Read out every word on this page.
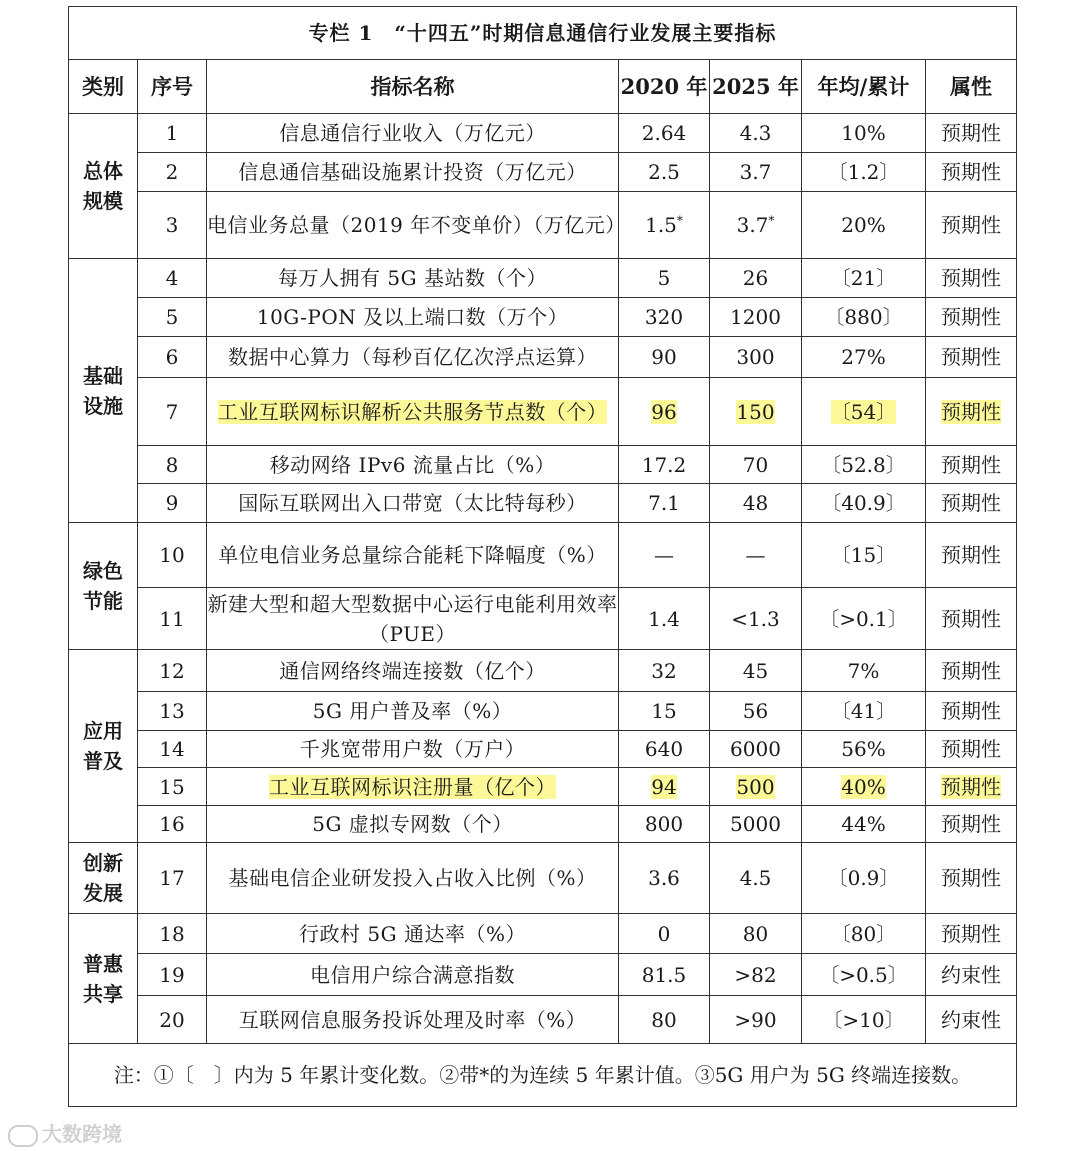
专栏 1　“十四五”时期信息通信行业发展主要指标						
类别	序号	指标名称	2020 年	2025 年	年均/累计	属性

总体
规模	1	信息通信行业收入（万亿元）	2.64	4.3	10%	预期性
	2	信息通信基础设施累计投资（万亿元）	2.5	3.7	〔1.2〕	预期性
	3	电信业务总量（2019 年不变单价）（万亿元）	1.5*	3.7*	20%	预期性

基础
设施	4	每万人拥有 5G 基站数（个）	5	26	〔21〕	预期性
	5	10G-PON 及以上端口数（万个）	320	1200	〔880〕	预期性
	6	数据中心算力（每秒百亿亿次浮点运算）	90	300	27%	预期性
	7	工业互联网标识解析公共服务节点数（个）	96	150	〔54〕	预期性
	8	移动网络 IPv6 流量占比（%）	17.2	70	〔52.8〕	预期性
	9	国际互联网出入口带宽（太比特每秒）	7.1	48	〔40.9〕	预期性

绿色
节能	10	单位电信业务总量综合能耗下降幅度（%）	—	—	〔15〕	预期性
	11	新建大型和超大型数据中心运行电能利用效率（PUE）	1.4	<1.3	〔>0.1〕	预期性

应用
普及	12	通信网络终端连接数（亿个）	32	45	7%	预期性
	13	5G 用户普及率（%）	15	56	〔41〕	预期性
	14	千兆宽带用户数（万户）	640	6000	56%	预期性
	15	工业互联网标识注册量（亿个）	94	500	40%	预期性
	16	5G 虚拟专网数（个）	800	5000	44%	预期性

创新
发展	17	基础电信企业研发投入占收入比例（%）	3.6	4.5	〔0.9〕	预期性

普惠
共享	18	行政村 5G 通达率（%）	0	80	〔80〕	预期性
	19	电信用户综合满意指数	81.5	>82	〔>0.5〕	约束性
	20	互联网信息服务投诉处理及时率（%）	80	>90	〔>10〕	约束性
注：①〔　〕内为 5 年累计变化数。②带*的为连续 5 年累计值。③5G 用户为 5G 终端连接数。						
大数跨境
